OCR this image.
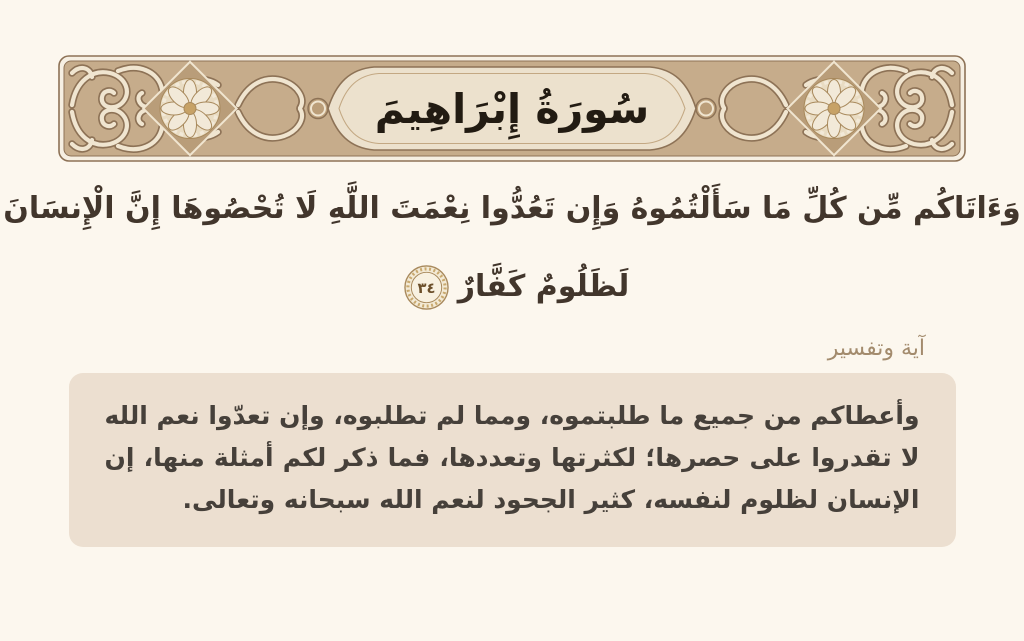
سُورَةُ إِبْرَاهِيمَ
وَءَاتَاكُم مِّن كُلِّ مَا سَأَلْتُمُوهُ وَإِن تَعُدُّوا نِعْمَتَ اللَّهِ لَا تُحْصُوهَا إِنَّ الْإِنسَانَ
لَظَلُومٌ كَفَّارٌ
٣٤
آية وتفسير
وأعطاكم من جميع ما طلبتموه، ومما لم تطلبوه، وإن تعدّوا نعم الله لا تقدروا على حصرها؛ لكثرتها وتعددها، فما ذكر لكم أمثلة منها، إن الإنسان لظلوم لنفسه، كثير الجحود لنعم الله سبحانه وتعالى.
